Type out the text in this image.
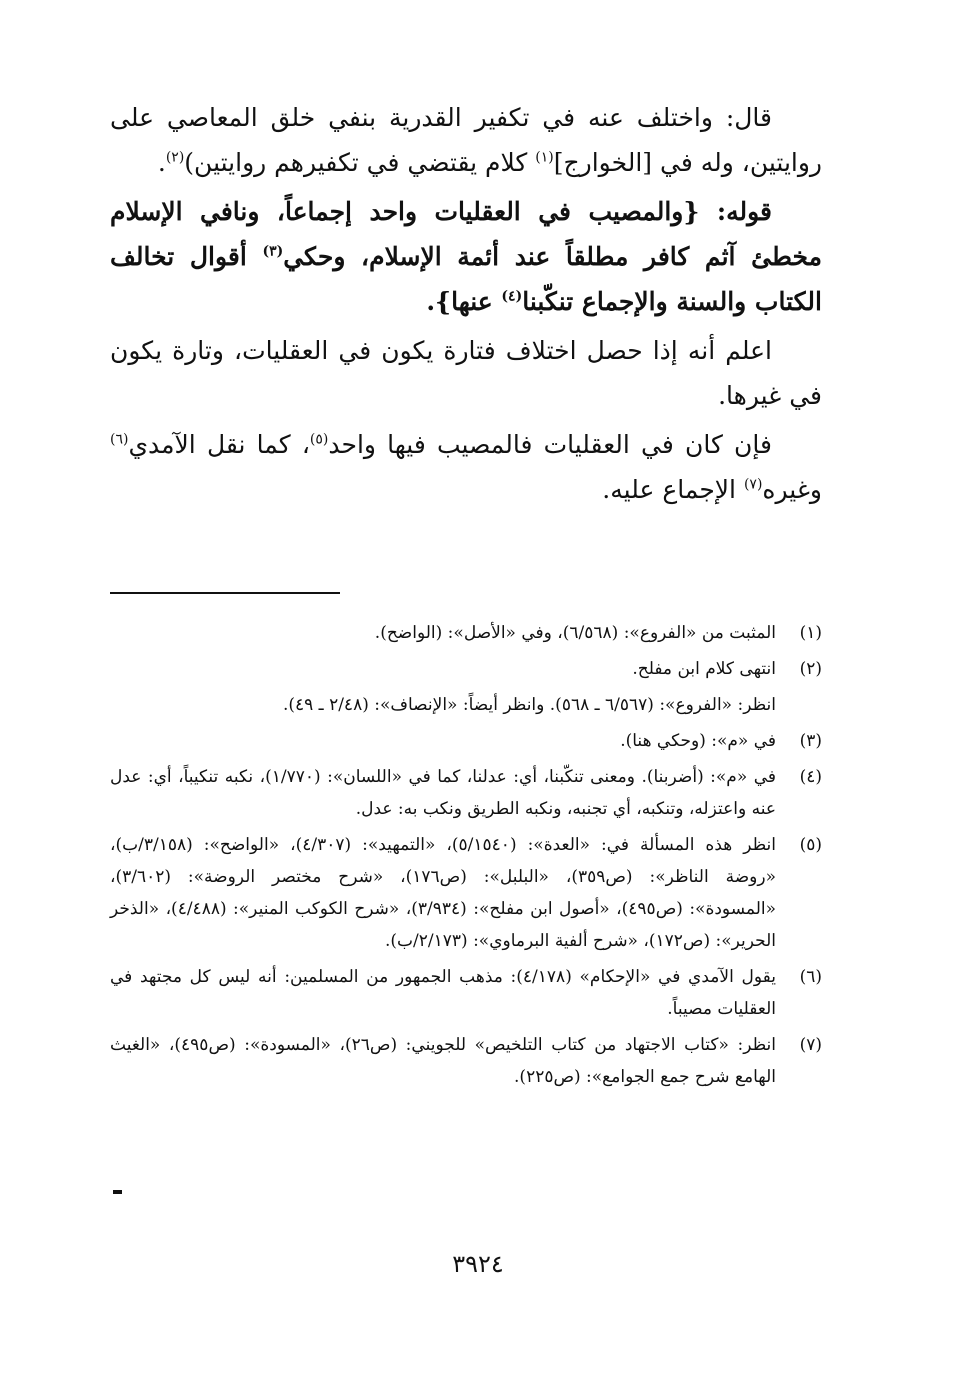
قال: واختلف عنه في تكفير القدرية بنفي خلق المعاصي على روايتين، وله في [الخوارج]$^{(١)}$ كلام يقتضي في تكفيرهم روايتين)$^{(٢)}$.

قوله: {والمصيب في العقليات واحد إجماعاً، ونافي الإسلام مخطئ آثم كافر مطلقاً عند أئمة الإسلام، وحكي$^{(٣)}$ أقوال تخالف الكتاب والسنة والإجماع تنكّبنا$^{(٤)}$ عنها}.

اعلم أنه إذا حصل اختلاف فتارة يكون في العقليات، وتارة يكون في غيرها.

فإن كان في العقليات فالمصيب فيها واحد$^{(٥)}$، كما نقل الآمدي$^{(٦)}$ وغيره$^{(٧)}$ الإجماع عليه.

(١)
المثبت من «الفروع»: (٦/٥٦٨)، وفي «الأصل»: (الواضح).
(٢)
انتهى كلام ابن مفلح.
انظر: «الفروع»: (٦/٥٦٧ ـ ٥٦٨). وانظر أيضاً: «الإنصاف»: (٢/٤٨ ـ ٤٩).
(٣)
في «م»: (وحكي هنا).
(٤)
في «م»: (أضربنا). ومعنى تنكّبنا، أي: عدلنا، كما في «اللسان»: (١/٧٧٠)، نكبه تنكيباً، أي: عدل عنه واعتزله، وتنكبه، أي تجنبه، ونكبه الطريق ونكب به: عدل.
(٥)
انظر هذه المسألة في: «العدة»: (٥/١٥٤٠)، «التمهيد»: (٤/٣٠٧)، «الواضح»: (٣/١٥٨/ب)، «روضة الناظر»: (ص٣٥٩)، «البلبل»: (ص١٧٦)، «شرح مختصر الروضة»: (٣/٦٠٢)، «المسودة»: (ص٤٩٥)، «أصول ابن مفلح»: (٣/٩٣٤)، «شرح الكوكب المنير»: (٤/٤٨٨)، «الذخر الحرير»: (ص١٧٢)، «شرح ألفية البرماوي»: (٢/١٧٣/ب).
(٦)
يقول الآمدي في «الإحكام» (٤/١٧٨): مذهب الجمهور من المسلمين: أنه ليس كل مجتهد في العقليات مصيباً.
(٧)
انظر: «كتاب الاجتهاد من كتاب التلخيص» للجويني: (ص٢٦)، «المسودة»: (ص٤٩٥)، «الغيث الهامع شرح جمع الجوامع»: (ص٢٢٥).
٣٩٢٤
